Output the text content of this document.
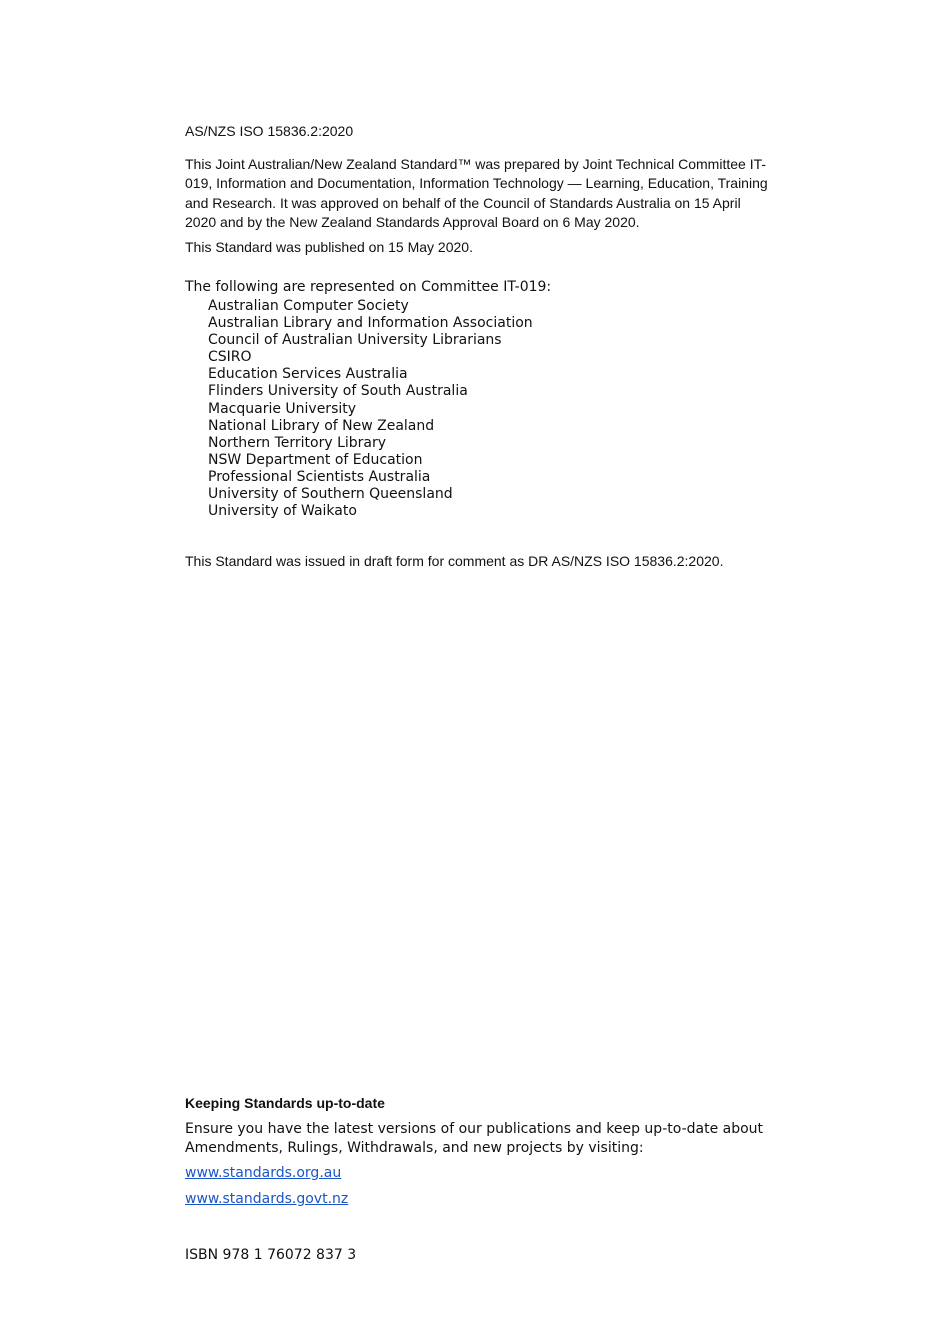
AS/NZS ISO 15836.2:2020
This Joint Australian/New Zealand Standard™ was prepared by Joint Technical Committee IT-019, Information and Documentation, Information Technology — Learning, Education, Training and Research. It was approved on behalf of the Council of Standards Australia on 15 April 2020 and by the New Zealand Standards Approval Board on 6 May 2020.
This Standard was published on 15 May 2020.
The following are represented on Committee IT-019:
Australian Computer Society
Australian Library and Information Association
Council of Australian University Librarians
CSIRO
Education Services Australia
Flinders University of South Australia
Macquarie University
National Library of New Zealand
Northern Territory Library
NSW Department of Education
Professional Scientists Australia
University of Southern Queensland
University of Waikato
This Standard was issued in draft form for comment as DR AS/NZS ISO 15836.2:2020.
Keeping Standards up-to-date
Ensure you have the latest versions of our publications and keep up-to-date about Amendments, Rulings, Withdrawals, and new projects by visiting:
www.standards.org.au
www.standards.govt.nz
ISBN 978 1 76072 837 3
